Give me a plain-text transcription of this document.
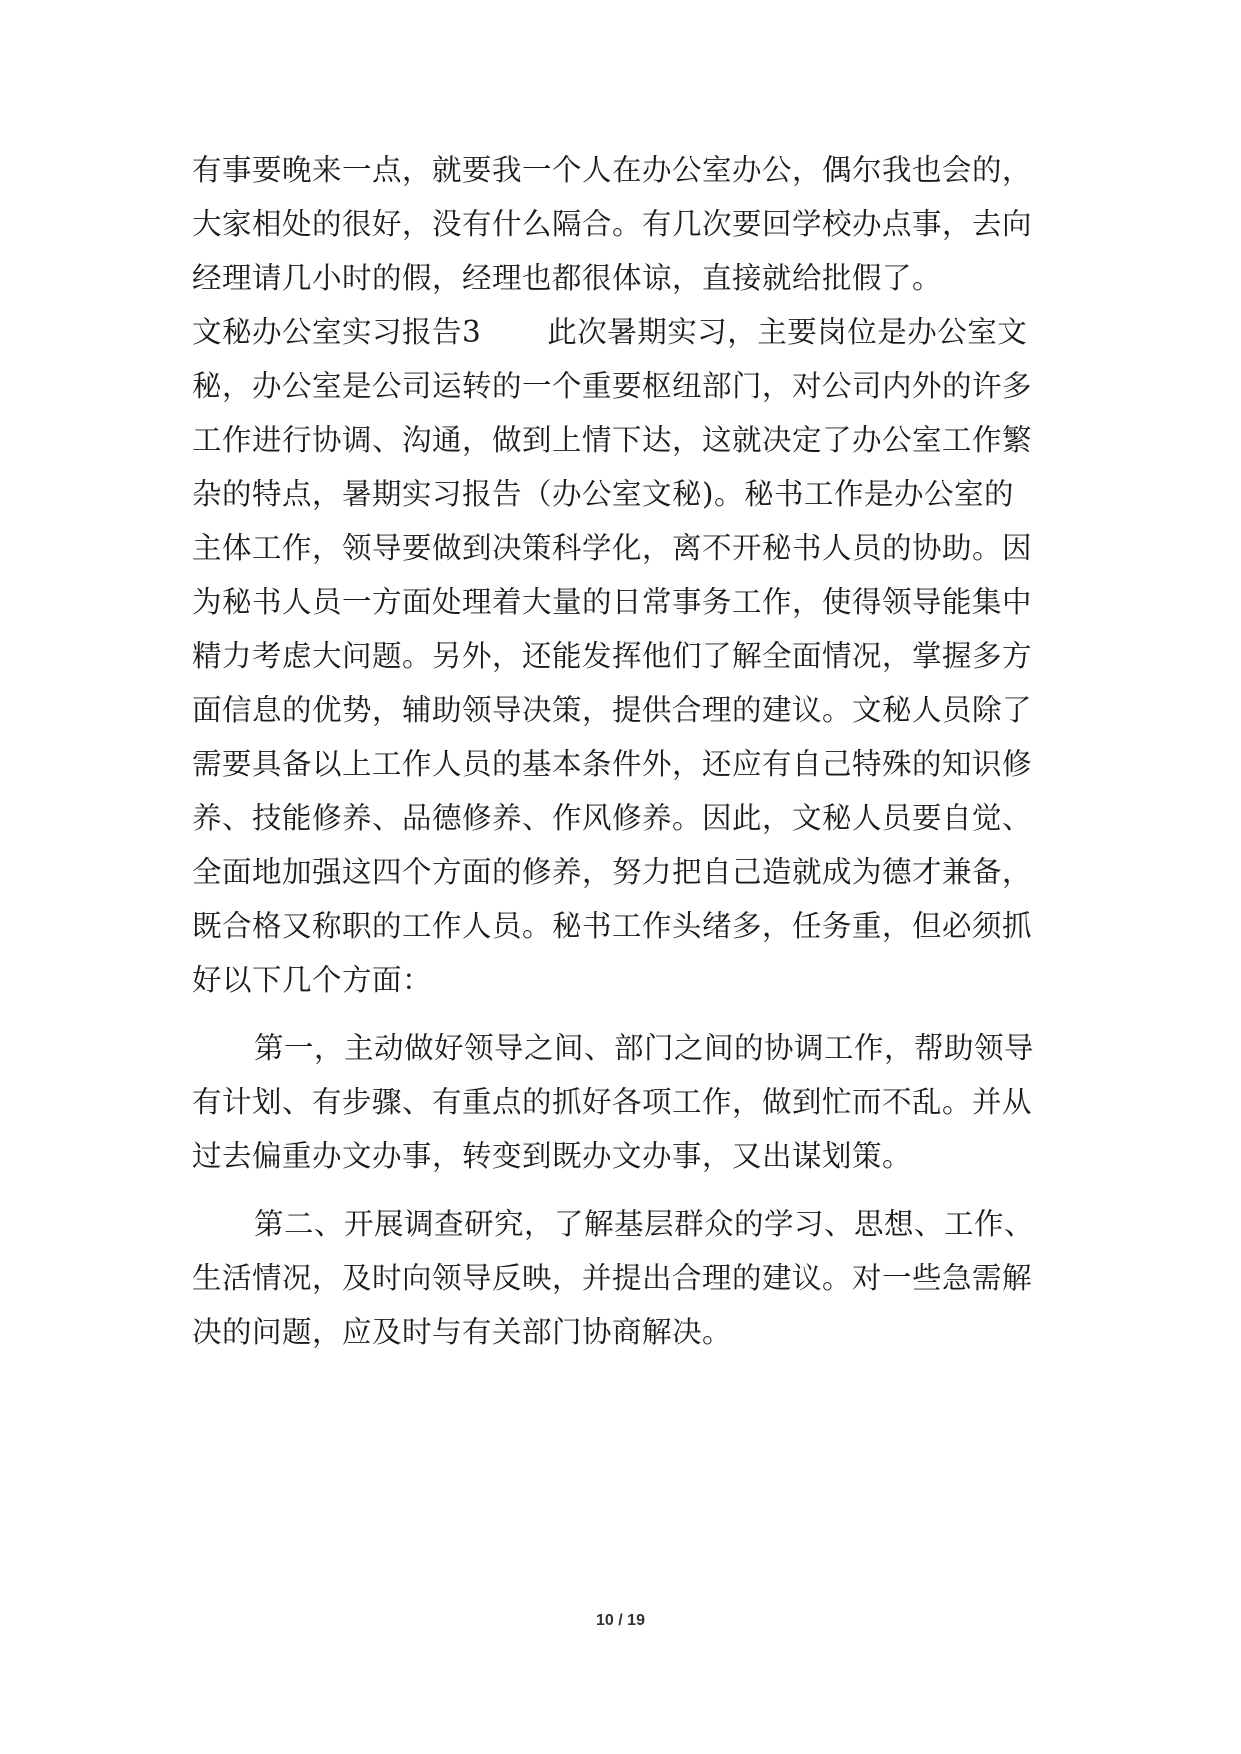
有事要晚来一点，就要我一个人在办公室办公，偶尔我也会的，
大家相处的很好，没有什么隔合。有几次要回学校办点事，去向
经理请几小时的假，经理也都很体谅，直接就给批假了。
文秘办公室实习报告3 此次暑期实习，主要岗位是办公室文
秘，办公室是公司运转的一个重要枢纽部门，对公司内外的许多
工作进行协调、沟通，做到上情下达，这就决定了办公室工作繁
杂的特点，暑期实习报告（办公室文秘)。秘书工作是办公室的
主体工作，领导要做到决策科学化，离不开秘书人员的协助。因
为秘书人员一方面处理着大量的日常事务工作，使得领导能集中
精力考虑大问题。另外，还能发挥他们了解全面情况，掌握多方
面信息的优势，辅助领导决策，提供合理的建议。文秘人员除了
需要具备以上工作人员的基本条件外，还应有自己特殊的知识修
养、技能修养、品德修养、作风修养。因此，文秘人员要自觉、
全面地加强这四个方面的修养，努力把自己造就成为德才兼备，
既合格又称职的工作人员。秘书工作头绪多，任务重，但必须抓
好以下几个方面：
第一，主动做好领导之间、部门之间的协调工作，帮助领导
有计划、有步骤、有重点的抓好各项工作，做到忙而不乱。并从
过去偏重办文办事，转变到既办文办事，又出谋划策。
第二、开展调查研究，了解基层群众的学习、思想、工作、
生活情况，及时向领导反映，并提出合理的建议。对一些急需解
决的问题，应及时与有关部门协商解决。
10 / 19
